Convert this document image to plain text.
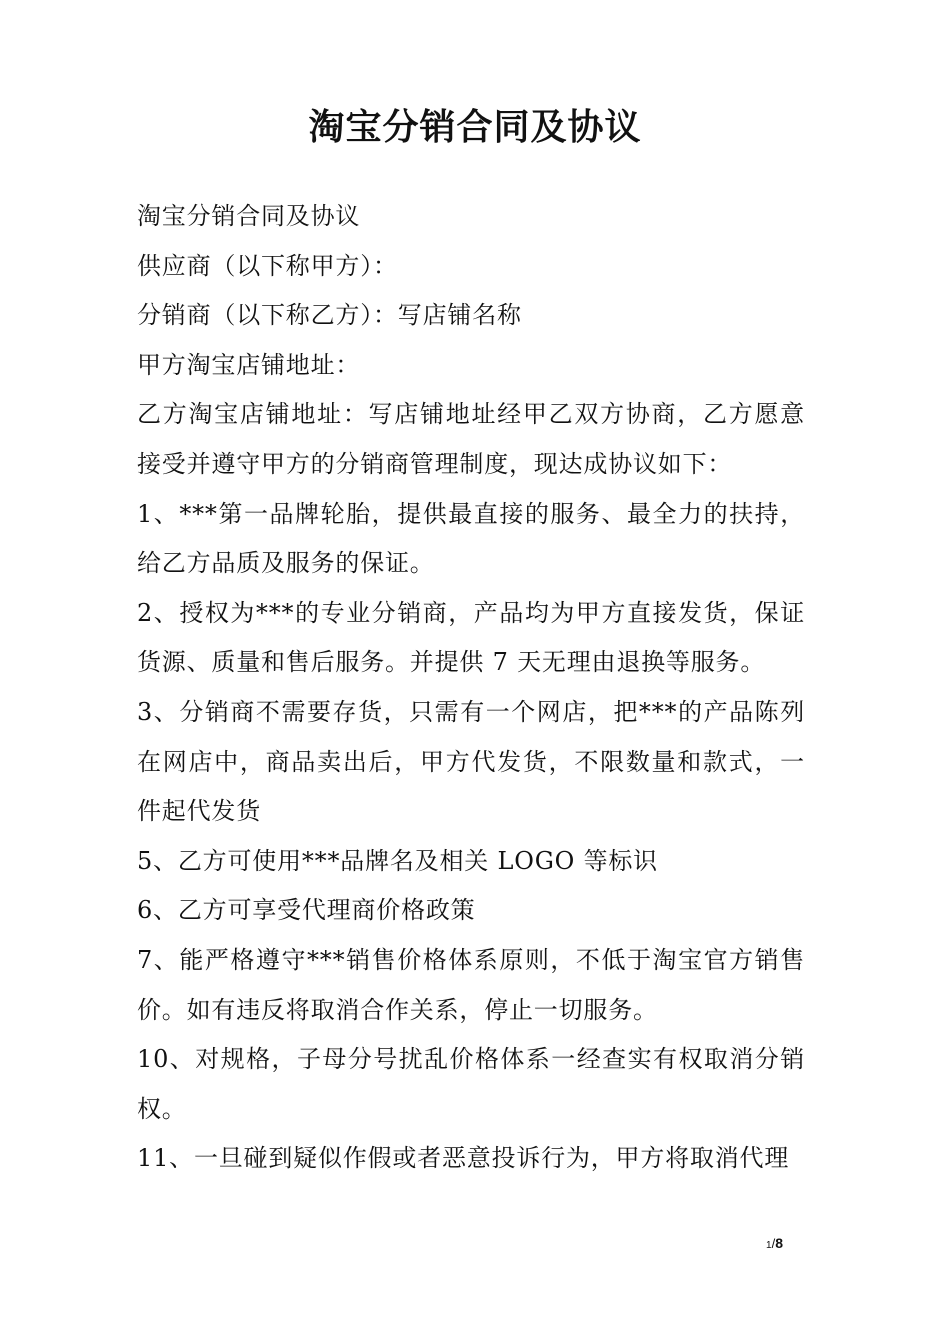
淘宝分销合同及协议

淘宝分销合同及协议

供应商（以下称甲方）：

分销商（以下称乙方）：写店铺名称

甲方淘宝店铺地址：

乙方淘宝店铺地址：写店铺地址经甲乙双方协商，乙方愿意接受并遵守甲方的分销商管理制度，现达成协议如下：

1、***第一品牌轮胎，提供最直接的服务、最全力的扶持，给乙方品质及服务的保证。

2、授权为***的专业分销商，产品均为甲方直接发货，保证货源、质量和售后服务。并提供 7 天无理由退换等服务。

3、分销商不需要存货，只需有一个网店，把***的产品陈列在网店中，商品卖出后，甲方代发货，不限数量和款式，一件起代发货

5、乙方可使用***品牌名及相关 LOGO 等标识

6、乙方可享受代理商价格政策

7、能严格遵守***销售价格体系原则，不低于淘宝官方销售价。如有违反将取消合作关系，停止一切服务。

10、对规格，子母分号扰乱价格体系一经查实有权取消分销权。

11、一旦碰到疑似作假或者恶意投诉行为，甲方将取消代理

1/8
